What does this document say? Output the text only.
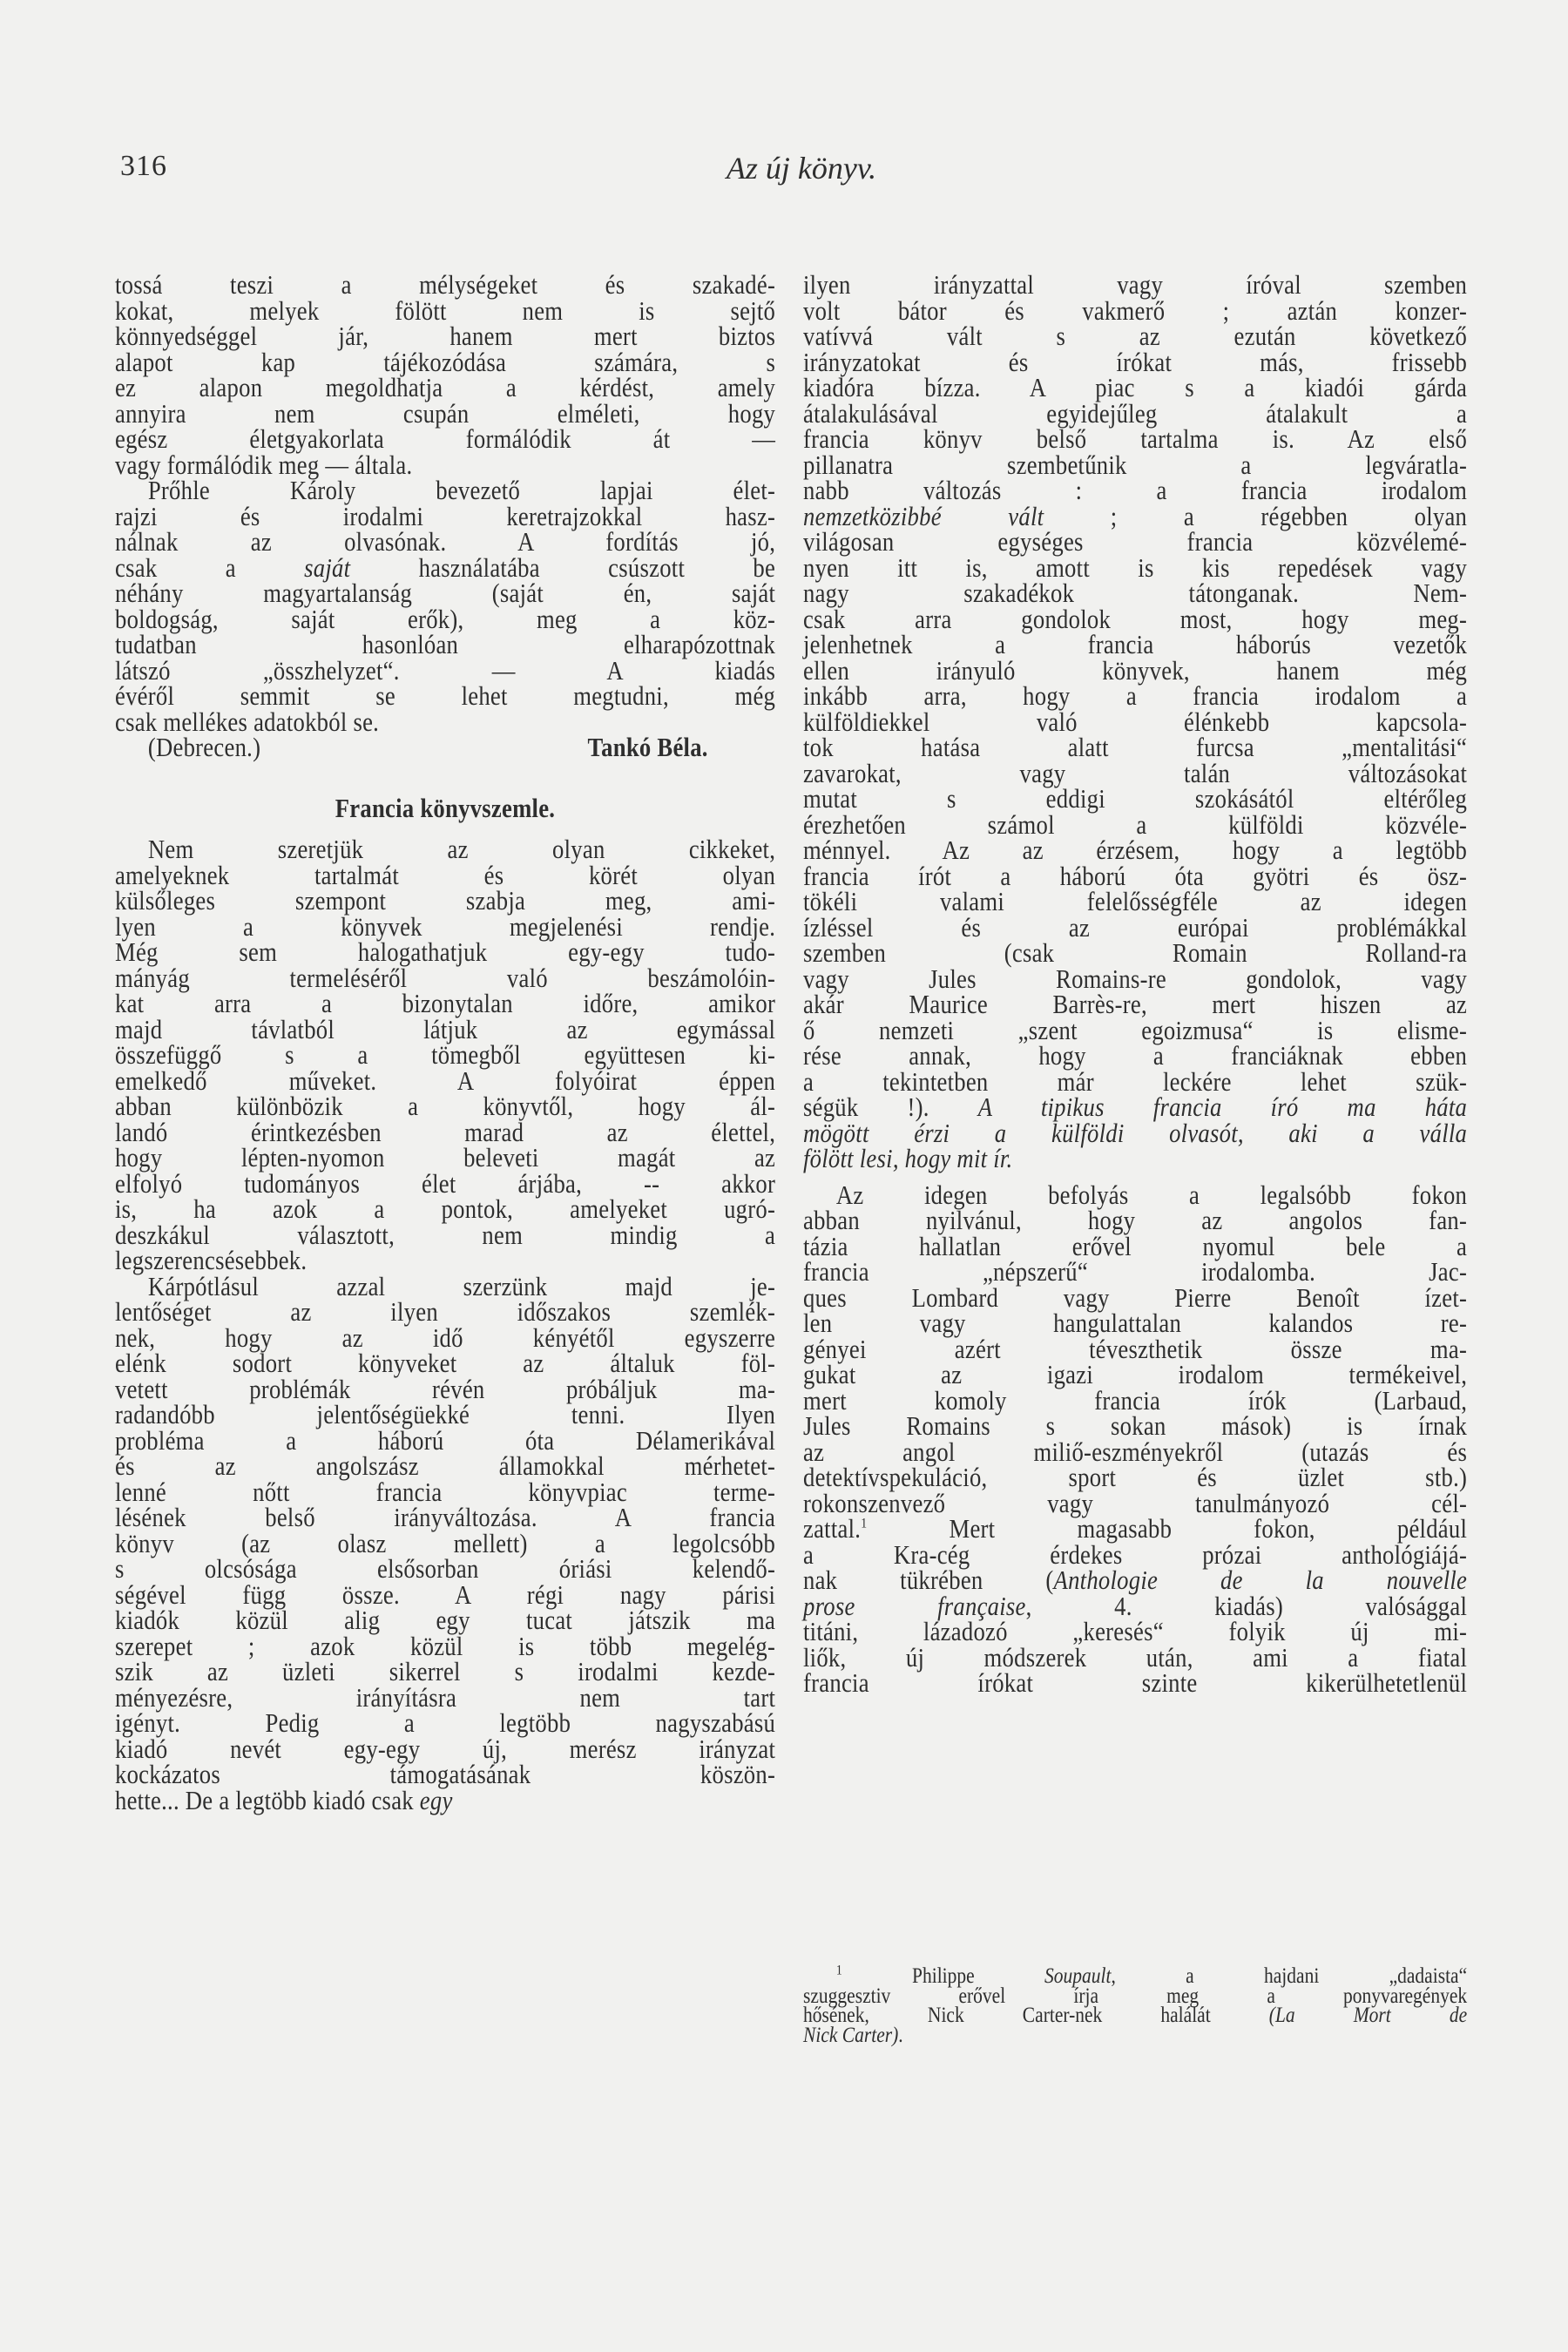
316	Az új könyv.
tossá teszi a mélységeket és szakadé-
kokat, melyek fölött nem is sejtő
könnyedséggel jár, hanem mert biztos
alapot kap tájékozódása számára, s
ez alapon megoldhatja a kérdést, amely
annyira nem csupán elméleti, hogy
egész életgyakorlata formálódik át —
vagy formálódik meg — általa.
Prőhle Károly bevezető lapjai élet-
rajzi és irodalmi keretrajzokkal hasz-
nálnak az olvasónak. A fordítás jó,
csak a saját használatába csúszott be
néhány magyartalanság (saját én, saját
boldogság, saját erők), meg a köz-
tudatban hasonlóan elharapózottnak
látszó „összhelyzet“. — A kiadás
évéről semmit se lehet megtudni, még
csak mellékes adatokból se.
(Debrecen.)	Tankó Béla.
Francia könyvszemle.
Nem szeretjük az olyan cikkeket,
amelyeknek tartalmát és körét olyan
külsőleges szempont szabja meg, ami-
lyen a könyvek megjelenési rendje.
Még sem halogathatjuk egy-egy tudo-
mányág termeléséről való beszámolóin-
kat arra a bizonytalan időre, amikor
majd távlatból látjuk az egymással
összefüggő s a tömegből együttesen ki-
emelkedő műveket. A folyóirat éppen
abban különbözik a könyvtől, hogy ál-
landó érintkezésben marad az élettel,
hogy lépten-nyomon beleveti magát az
elfolyó tudományos élet árjába, -- akkor
is, ha azok a pontok, amelyeket ugró-
deszkákul választott, nem mindig a
legszerencsésebbek.
Kárpótlásul azzal szerzünk majd je-
lentőséget az ilyen időszakos szemlék-
nek, hogy az idő kényétől egyszerre
elénk sodort könyveket az általuk föl-
vetett problémák révén próbáljuk ma-
radandóbb jelentőségüekké tenni. Ilyen
probléma a háború óta Délamerikával
és az angolszász államokkal mérhetet-
lenné nőtt francia könyvpiac terme-
lésének belső irányváltozása. A francia
könyv (az olasz mellett) a legolcsóbb
s olcsósága elsősorban óriási kelendő-
ségével függ össze. A régi nagy párisi
kiadók közül alig egy tucat játszik ma
szerepet ; azok közül is több megelég-
szik az üzleti sikerrel s irodalmi kezde-
ményezésre, irányításra nem tart
igényt. Pedig a legtöbb nagyszabású
kiadó nevét egy-egy új, merész irányzat
kockázatos támogatásának köszön-
hette... De a legtöbb kiadó csak egy
ilyen irányzattal vagy íróval szemben
volt bátor és vakmerő ; aztán konzer-
vatívvá vált s az ezután következő
irányzatokat és írókat más, frissebb
kiadóra bízza. A piac s a kiadói gárda
átalakulásával egyidejűleg átalakult a
francia könyv belső tartalma is. Az első
pillanatra szembetűnik a legváratla-
nabb változás : a francia irodalom
nemzetközibbé vált ; a régebben olyan
világosan egységes francia közvélemé-
nyen itt is, amott is kis repedések vagy
nagy szakadékok tátonganak. Nem-
csak arra gondolok most, hogy meg-
jelenhetnek a francia háborús vezetők
ellen irányuló könyvek, hanem még
inkább arra, hogy a francia irodalom a
külföldiekkel való élénkebb kapcsola-
tok hatása alatt furcsa „mentalitási“
zavarokat, vagy talán változásokat
mutat s eddigi szokásától eltérőleg
érezhetően számol a külföldi közvéle-
ménnyel. Az az érzésem, hogy a legtöbb
francia írót a háború óta gyötri és ösz-
tökéli valami felelősségféle az idegen
ízléssel és az európai problémákkal
szemben (csak Romain Rolland-ra
vagy Jules Romains-re gondolok, vagy
akár Maurice Barrès-re, mert hiszen az
ő nemzeti „szent egoizmusa“ is elisme-
rése annak, hogy a franciáknak ebben
a tekintetben már leckére lehet szük-
ségük !). A tipikus francia író ma háta
mögött érzi a külföldi olvasót, aki a válla
fölött lesi, hogy mit ír.
Az idegen befolyás a legalsóbb fokon
abban nyilvánul, hogy az angolos fan-
tázia hallatlan erővel nyomul bele a
francia „népszerű“ irodalomba. Jac-
ques Lombard vagy Pierre Benoît ízet-
len vagy hangulattalan kalandos re-
gényei azért téveszthetik össze ma-
gukat az igazi irodalom termékeivel,
mert komoly francia írók (Larbaud,
Jules Romains s sokan mások) is írnak
az angol miliő-eszményekről (utazás és
detektívspekuláció, sport és üzlet stb.)
rokonszenvező vagy tanulmányozó cél-
zattal.$^1$ Mert magasabb fokon, például
a Kra-cég érdekes prózai anthológiájá-
nak tükrében (Anthologie de la nouvelle
prose française, 4. kiadás) valósággal
titáni, lázadozó „keresés“ folyik új mi-
liők, új módszerek után, ami a fiatal
francia írókat szinte kikerülhetetlenül
$^1$ Philippe Soupault, a hajdani „dadaista“
szuggesztiv erővel írja meg a ponyvaregények
hősének, Nick Carter-nek halálát (La Mort de
Nick Carter).
